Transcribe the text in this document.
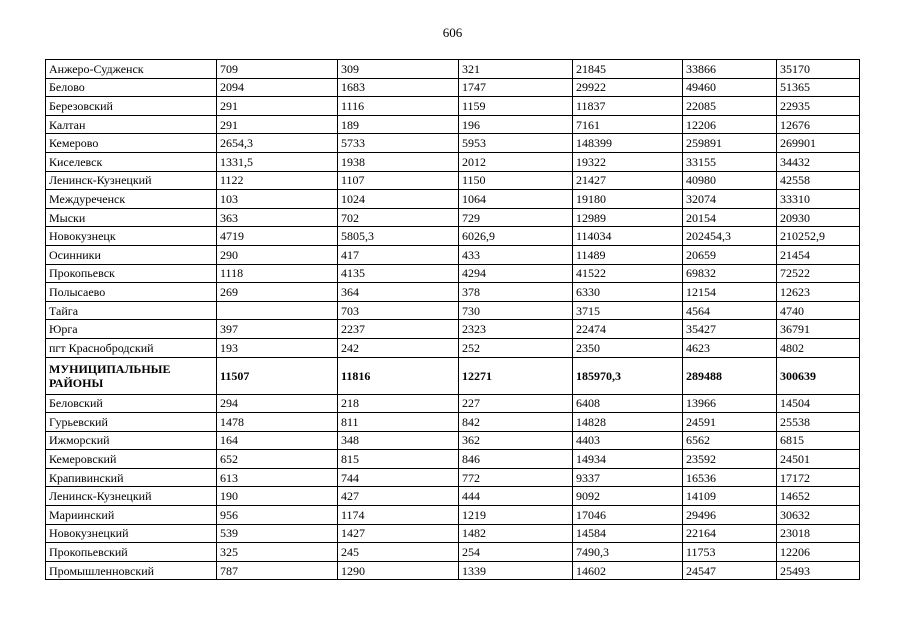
606
Анжеро-Судженск	709	309	321	21845	33866	35170
Белово	2094	1683	1747	29922	49460	51365
Березовский	291	1116	1159	11837	22085	22935
Калтан	291	189	196	7161	12206	12676
Кемерово	2654,3	5733	5953	148399	259891	269901
Киселевск	1331,5	1938	2012	19322	33155	34432
Ленинск-Кузнецкий	1122	1107	1150	21427	40980	42558
Междуреченск	103	1024	1064	19180	32074	33310
Мыски	363	702	729	12989	20154	20930
Новокузнецк	4719	5805,3	6026,9	114034	202454,3	210252,9
Осинники	290	417	433	11489	20659	21454
Прокопьевск	1118	4135	4294	41522	69832	72522
Полысаево	269	364	378	6330	12154	12623
Тайга		703	730	3715	4564	4740
Юрга	397	2237	2323	22474	35427	36791
пгт Краснобродский	193	242	252	2350	4623	4802
МУНИЦИПАЛЬНЫЕ РАЙОНЫ	11507	11816	12271	185970,3	289488	300639
Беловский	294	218	227	6408	13966	14504
Гурьевский	1478	811	842	14828	24591	25538
Ижморский	164	348	362	4403	6562	6815
Кемеровский	652	815	846	14934	23592	24501
Крапивинский	613	744	772	9337	16536	17172
Ленинск-Кузнецкий	190	427	444	9092	14109	14652
Мариинский	956	1174	1219	17046	29496	30632
Новокузнецкий	539	1427	1482	14584	22164	23018
Прокопьевский	325	245	254	7490,3	11753	12206
Промышленновский	787	1290	1339	14602	24547	25493
